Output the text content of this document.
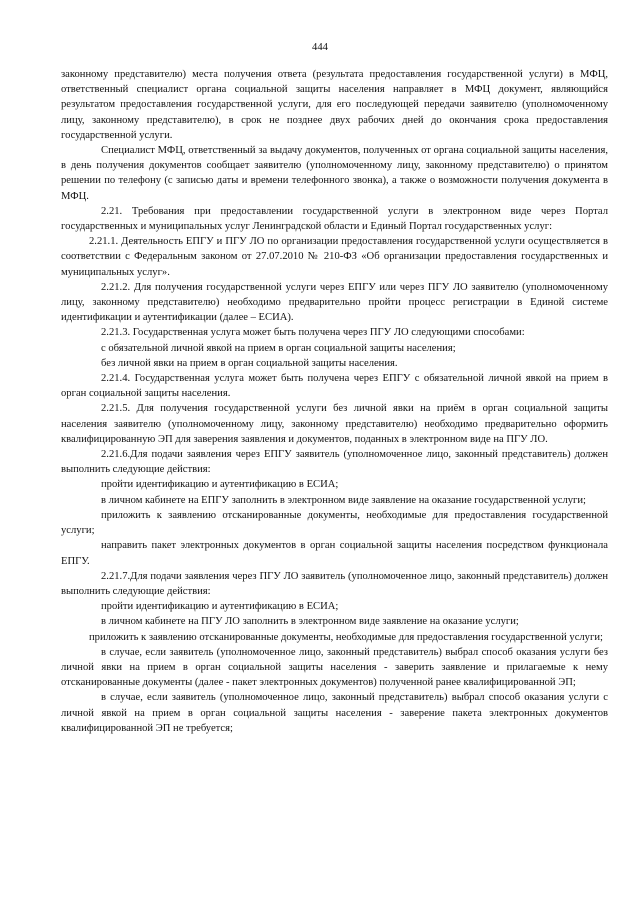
444

законному представителю) места получения ответа (результата предоставления государственной услуги) в МФЦ, ответственный специалист органа социальной защиты населения направляет в МФЦ документ, являющийся результатом предоставления государственной услуги, для его последующей передачи заявителю (уполномоченному лицу, законному представителю), в срок не позднее двух рабочих дней до окончания срока предоставления государственной услуги.

Специалист МФЦ, ответственный за выдачу документов, полученных от органа социальной защиты населения, в день получения документов сообщает заявителю (уполномоченному лицу, законному представителю) о принятом решении по телефону (с записью даты и времени телефонного звонка), а также о возможности получения документа в МФЦ.

2.21. Требования при предоставлении государственной услуги в электронном виде через Портал государственных и муниципальных услуг Ленинградской области и Единый Портал государственных услуг:

2.21.1. Деятельность ЕПГУ и ПГУ ЛО по организации предоставления государственной услуги осуществляется в соответствии с Федеральным законом от 27.07.2010 № 210-ФЗ «Об организации предоставления государственных и муниципальных услуг».

2.21.2. Для получения государственной услуги через ЕПГУ или через ПГУ ЛО заявителю (уполномоченному лицу, законному представителю) необходимо предварительно пройти процесс регистрации в Единой системе идентификации и аутентификации (далее – ЕСИА).

2.21.3. Государственная услуга может быть получена через ПГУ ЛО следующими способами:

с обязательной личной явкой на прием в орган социальной защиты населения;

без личной явки на прием в орган социальной защиты населения.

2.21.4. Государственная услуга может быть получена через ЕПГУ с обязательной личной явкой на прием в орган социальной защиты населения.

2.21.5. Для получения государственной услуги без личной явки на приём в орган социальной защиты населения заявителю (уполномоченному лицу, законному представителю) необходимо предварительно оформить квалифицированную ЭП для заверения заявления и документов, поданных в электронном виде на ПГУ ЛО.

2.21.6.Для подачи заявления через ЕПГУ заявитель (уполномоченное лицо, законный представитель) должен выполнить следующие действия:

пройти идентификацию и аутентификацию в ЕСИА;

в личном кабинете на ЕПГУ заполнить в электронном виде заявление на оказание государственной услуги;

приложить к заявлению отсканированные документы, необходимые для предоставления государственной услуги;

направить пакет электронных документов в орган социальной защиты населения посредством функционала ЕПГУ.

2.21.7.Для подачи заявления через ПГУ ЛО заявитель (уполномоченное лицо, законный представитель) должен выполнить следующие действия:

пройти идентификацию и аутентификацию в ЕСИА;

в личном кабинете на ПГУ ЛО заполнить в электронном виде заявление на оказание услуги;

приложить к заявлению отсканированные документы, необходимые для предоставления государственной услуги;

в случае, если заявитель (уполномоченное лицо, законный представитель) выбрал способ оказания услуги без личной явки на прием в орган социальной защиты населения - заверить заявление и прилагаемые к нему отсканированные документы (далее - пакет электронных документов) полученной ранее квалифицированной ЭП;

в случае, если заявитель (уполномоченное лицо, законный представитель) выбрал способ оказания услуги с личной явкой на прием в орган социальной защиты населения - заверение пакета электронных документов квалифицированной ЭП не требуется;
